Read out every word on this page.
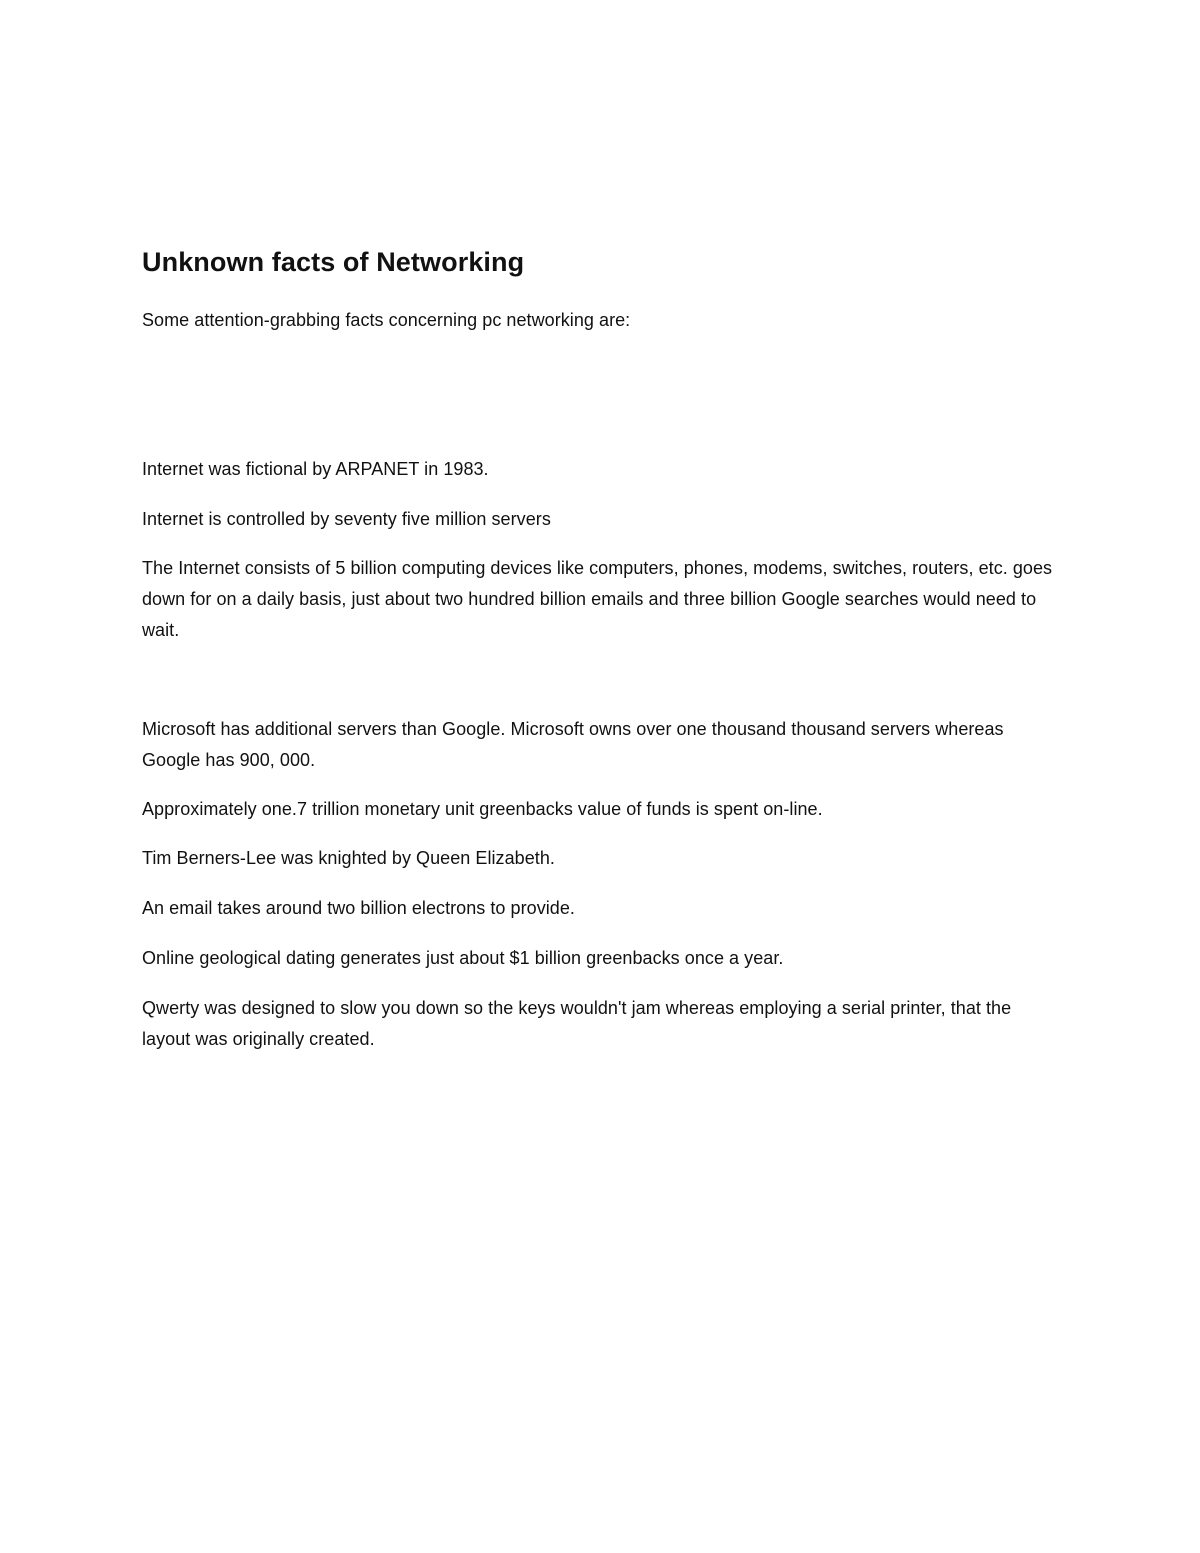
Unknown facts of Networking

Some attention-grabbing facts concerning pc networking are:

Internet was fictional by ARPANET in 1983.

Internet is controlled by seventy five million servers

The Internet consists of 5 billion computing devices like computers, phones, modems, switches, routers, etc. goes down for on a daily basis, just about two hundred billion emails and three billion Google searches would need to wait.

Microsoft has additional servers than Google. Microsoft owns over one thousand thousand servers whereas Google has 900, 000.

Approximately one.7 trillion monetary unit greenbacks value of funds is spent on-line.

Tim Berners-Lee was knighted by Queen Elizabeth.

An email takes around two billion electrons to provide.

Online geological dating generates just about $1 billion greenbacks once a year.

Qwerty was designed to slow you down so the keys wouldn't jam whereas employing a serial printer, that the layout was originally created.
